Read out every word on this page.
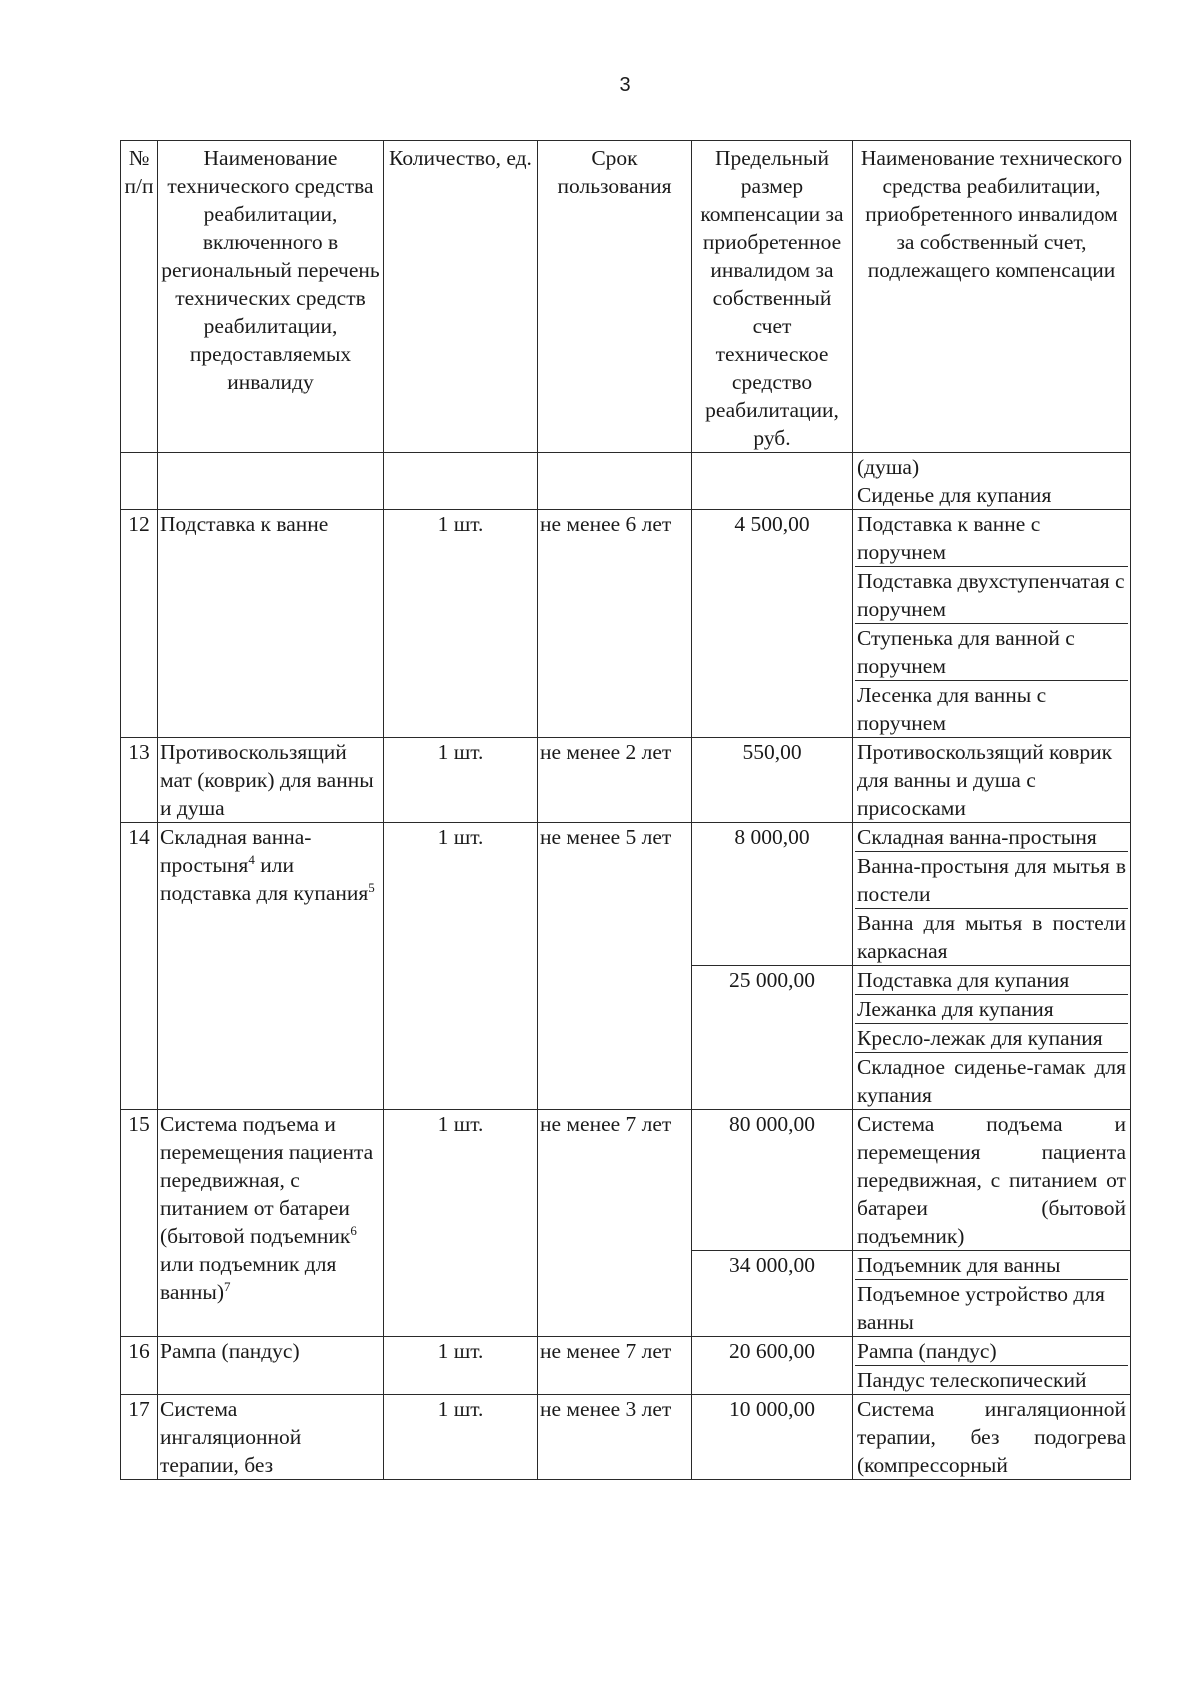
3
№ п/п	Наименование технического средства реабилитации, включенного в региональный перечень технических средств реабилитации, предоставляемых инвалиду	Количество, ед.	Срок пользования	Предельный размер компенсации за приобретенное инвалидом за собственный счет техническое средство реабилитации, руб.	Наименование технического средства реабилитации, приобретенного инвалидом за собственный счет, подлежащего компенсации

					(душа)
Сиденье для купания

12	Подставка к ванне	1 шт.	не менее 6 лет	4 500,00	Подставка к ванне с поручнем
Подставка двухступенчатая с поручнем
Ступенька для ванной с поручнем
Лесенка для ванны с поручнем

13	Противоскользящий мат (коврик) для ванны и душа	1 шт.	не менее 2 лет	550,00	Противоскользящий коврик для ванны и душа с присосками

14	Складная ванна-простыня$^4$ или подставка для купания$^5$	1 шт.	не менее 5 лет	8 000,00	Складная ванна-простыня
Ванна-простыня для мытья в постели
Ванна для мытья в постели каркасная

				25 000,00	Подставка для купания
Лежанка для купания
Кресло-лежак для купания
Складное сиденье-гамак для купания

15	Система подъема и перемещения пациента передвижная, с питанием от батареи (бытовой подъемник$^6$ или подъемник для ванны)$^7$	1 шт.	не менее 7 лет	80 000,00	Система подъема и перемещения пациента передвижная, с питанием от батареи (бытовой подъемник)

				34 000,00	Подъемник для ванны
Подъемное устройство для ванны

16	Рампа (пандус)	1 шт.	не менее 7 лет	20 600,00	Рампа (пандус)
Пандус телескопический

17	Система ингаляционной терапии, без	1 шт.	не менее 3 лет	10 000,00	Система ингаляционной терапии, без подогрева (компрессорный
